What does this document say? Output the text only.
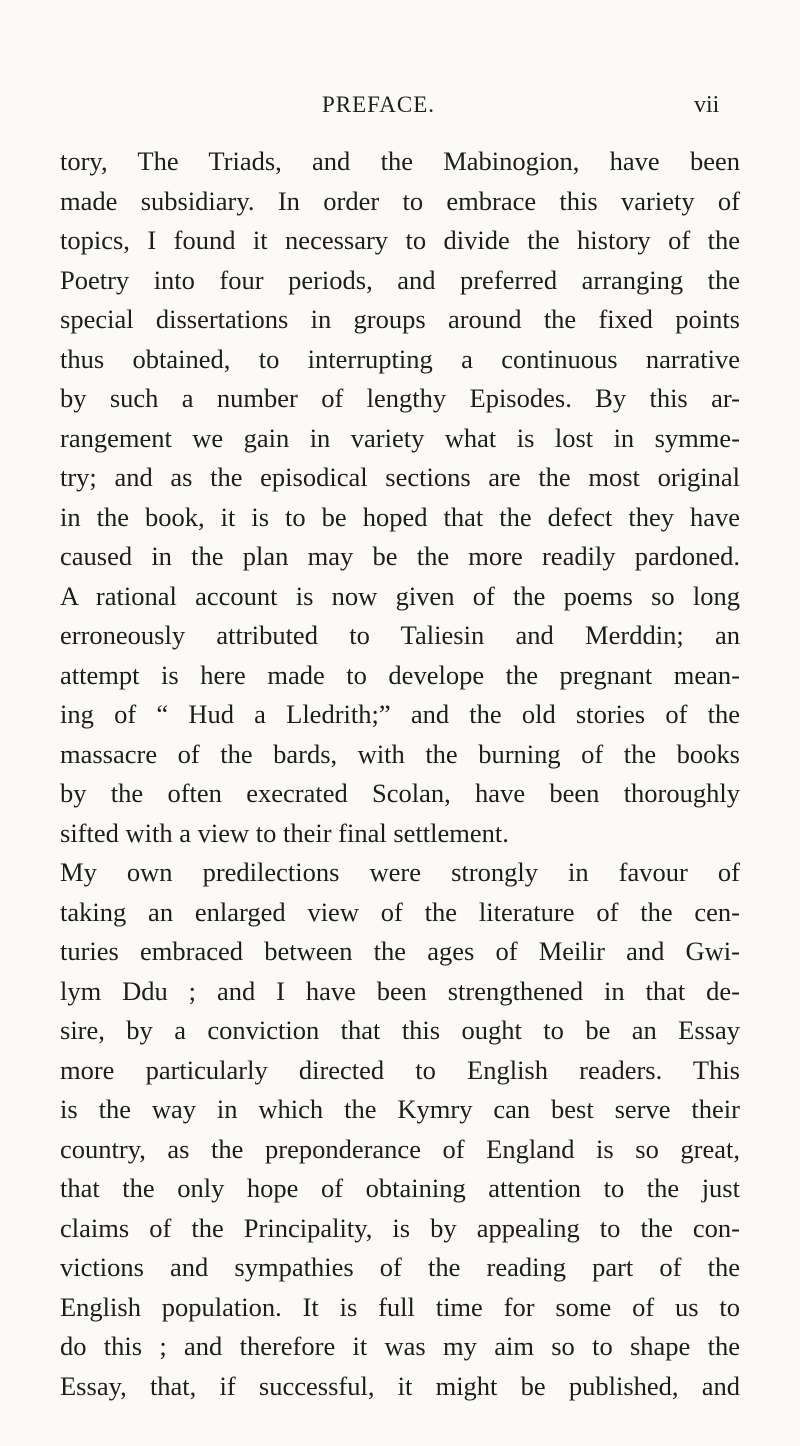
PREFACE.	vii
tory, The Triads, and the Mabinogion, have been
made subsidiary. In order to embrace this variety of
topics, I found it necessary to divide the history of the
Poetry into four periods, and preferred arranging the
special dissertations in groups around the fixed points
thus obtained, to interrupting a continuous narrative
by such a number of lengthy Episodes. By this ar-
rangement we gain in variety what is lost in symme-
try; and as the episodical sections are the most original
in the book, it is to be hoped that the defect they have
caused in the plan may be the more readily pardoned.
A rational account is now given of the poems so long
erroneously attributed to Taliesin and Merddin; an
attempt is here made to develope the pregnant mean-
ing of “ Hud a Lledrith;” and the old stories of the
massacre of the bards, with the burning of the books
by the often execrated Scolan, have been thoroughly
sifted with a view to their final settlement.
My own predilections were strongly in favour of
taking an enlarged view of the literature of the cen-
turies embraced between the ages of Meilir and Gwi-
lym Ddu ; and I have been strengthened in that de-
sire, by a conviction that this ought to be an Essay
more particularly directed to English readers. This
is the way in which the Kymry can best serve their
country, as the preponderance of England is so great,
that the only hope of obtaining attention to the just
claims of the Principality, is by appealing to the con-
victions and sympathies of the reading part of the
English population. It is full time for some of us to
do this ; and therefore it was my aim so to shape the
Essay, that, if successful, it might be published, and
